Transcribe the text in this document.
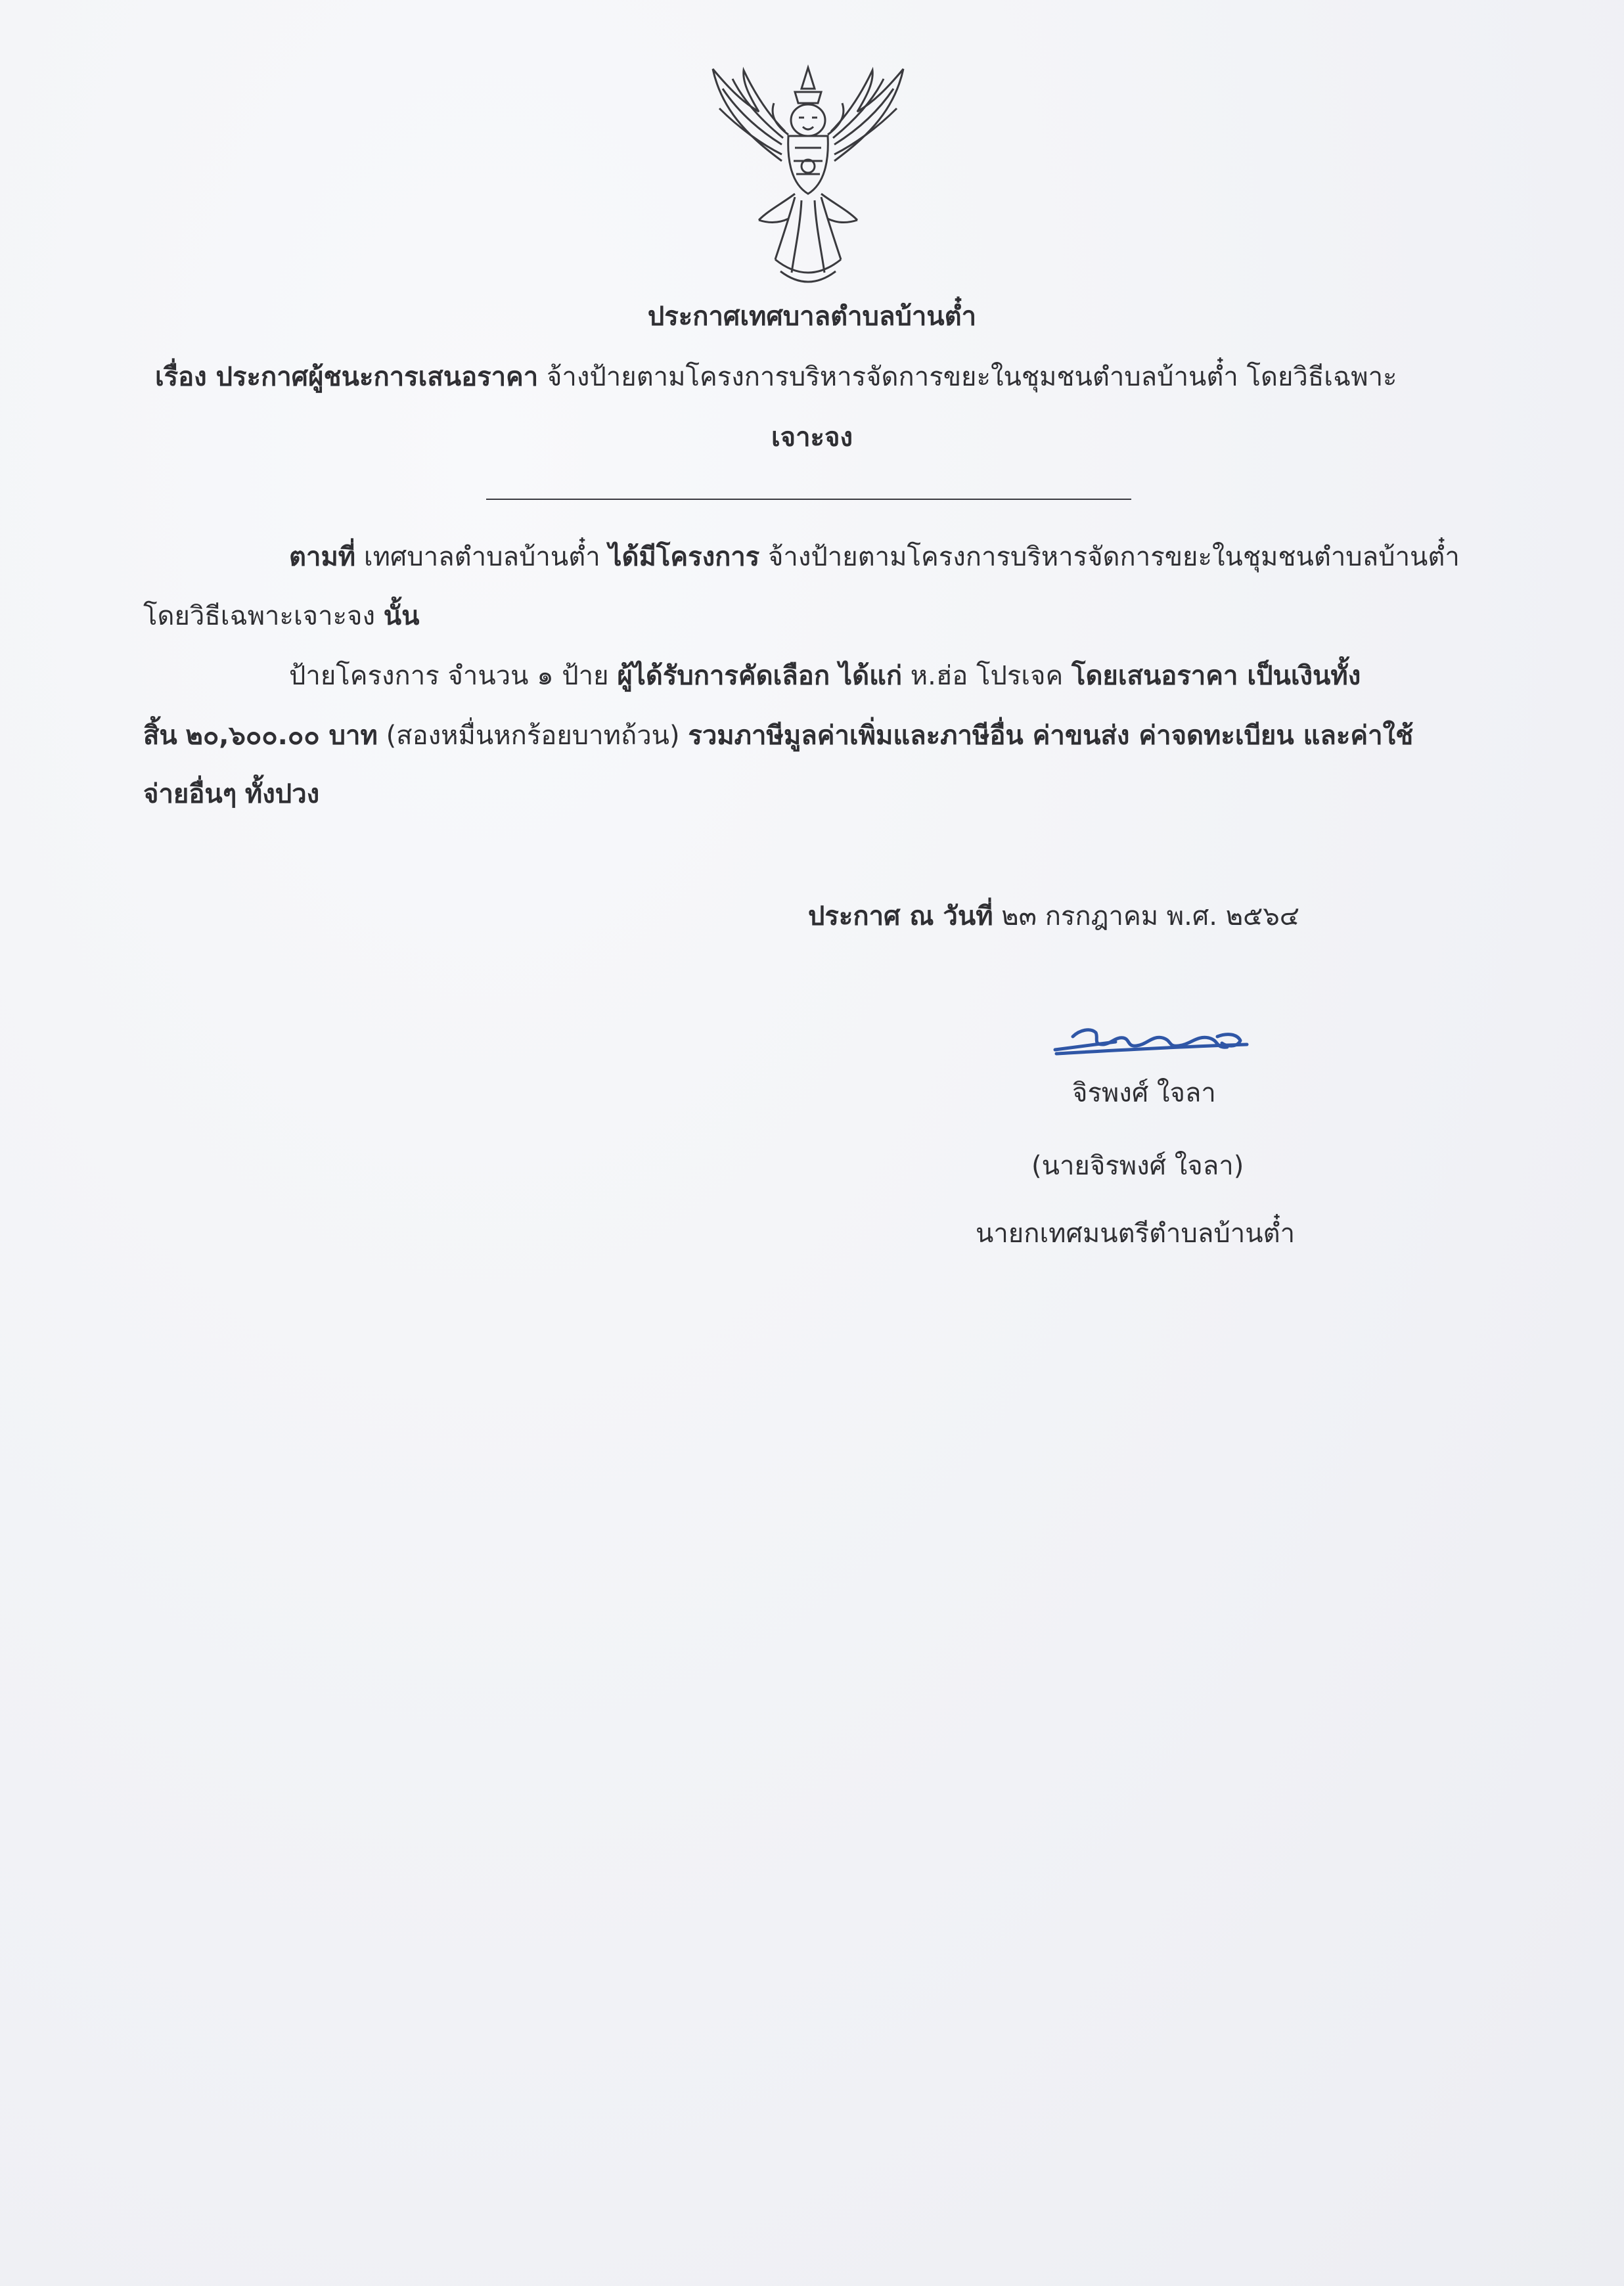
ประกาศเทศบาลตำบลบ้านต๋ำ
เรื่อง ประกาศผู้ชนะการเสนอราคา จ้างป้ายตามโครงการบริหารจัดการขยะในชุมชนตำบลบ้านต๋ำ โดยวิธีเฉพาะ
เจาะจง
ตามที่ เทศบาลตำบลบ้านต๋ำ ได้มีโครงการ จ้างป้ายตามโครงการบริหารจัดการขยะในชุมชนตำบลบ้านต๋ำ
โดยวิธีเฉพาะเจาะจง นั้น
ป้ายโครงการ จำนวน ๑ ป้าย ผู้ได้รับการคัดเลือก ได้แก่ ห.ฮ่อ โปรเจค โดยเสนอราคา เป็นเงินทั้ง
สิ้น ๒๐,๖๐๐.๐๐ บาท (สองหมื่นหกร้อยบาทถ้วน) รวมภาษีมูลค่าเพิ่มและภาษีอื่น ค่าขนส่ง ค่าจดทะเบียน และค่าใช้
จ่ายอื่นๆ ทั้งปวง
ประกาศ ณ วันที่ ๒๓ กรกฎาคม พ.ศ. ๒๕๖๔
จิรพงศ์ ใจลา
(นายจิรพงศ์ ใจลา)
นายกเทศมนตรีตำบลบ้านต๋ำ
